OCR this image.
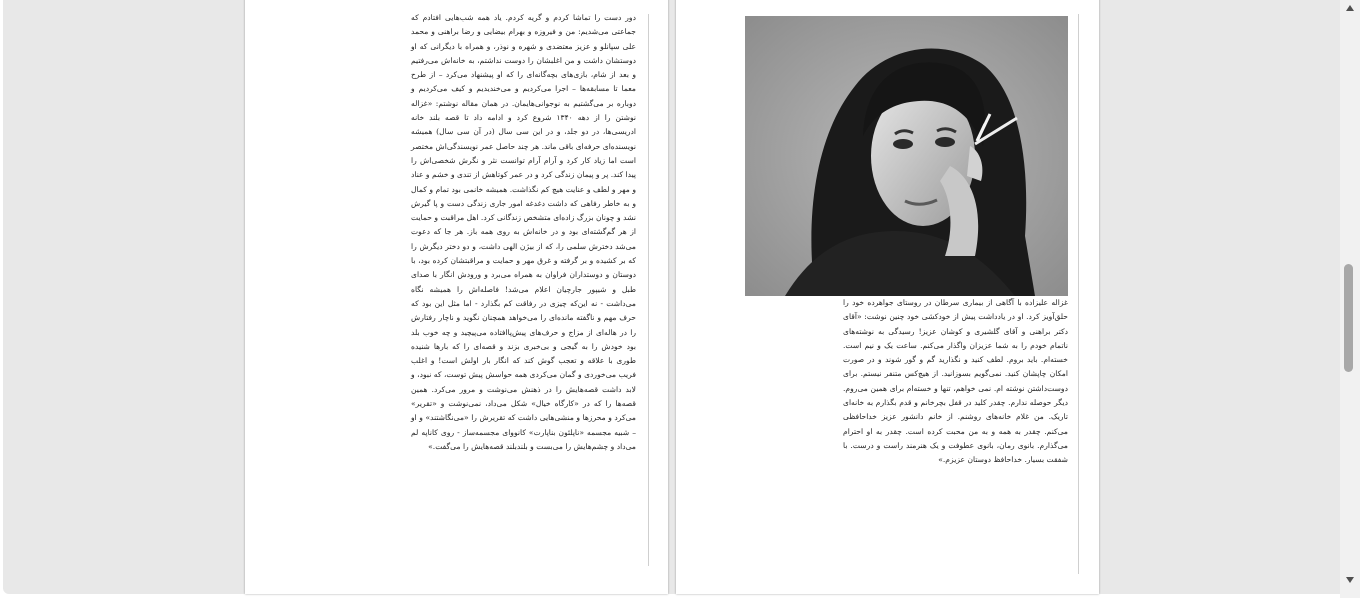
دور دست را تماشا کردم و گریه کردم. یاد همه شب‌هایی افتادم که جماعتی می‌شدیم: من و فیروزه و بهرام بیضایی و رضا براهنی و محمد علی سپانلو و عزیز معتضدی و شهره و نوذر، و همراه با دیگرانی که او دوستشان داشت و من اغلبشان را دوست نداشتم، به خانه‌اش می‌رفتیم و بعد از شام، بازی‌های بچه‌گانه‌ای را که او پیشنهاد می‌کرد – از طرح معما تا مسابقه‌ها – اجرا می‌کردیم و می‌خندیدیم و کیف می‌کردیم و دوباره بر می‌گشتیم به نوجوانی‌هایمان. در همان مقاله نوشتم: «غزاله نوشتن را از دهه ۱۳۴۰ شروع کرد و ادامه داد تا قصه بلند خانه ادریسی‌ها، در دو جلد، و در این سی سال (در آن سی سال) همیشه نویسنده‌ای حرفه‌ای باقی ماند. هر چند حاصل عمر نویسندگی‌اش مختصر است اما زیاد کار کرد و آرام آرام توانست نثر و نگرش شخصی‌اش را پیدا کند. پر و پیمان زندگی کرد و در عمر کوتاهش از تندی و خشم و عناد و مهر و لطف و عنایت هیچ کم نگذاشت. همیشه خانمی بود تمام و کمال و به خاطر رفاهی که داشت دغدغه امور جاری زندگی دست و پا گیرش نشد و چونان بزرگ زاده‌ای متشخص زندگانی کرد. اهل مراقبت و حمایت از هر گم‌گشته‌ای بود و در خانه‌اش به روی همه باز. هر جا که دعوت می‌شد دخترش سلمی را، که از بیژن الهی داشت، و دو دختر دیگرش را که بر کشیده و بر گرفته و غرق مهر و حمایت و مراقبتشان کرده بود، با دوستان و دوستداران فراوان به همراه می‌برد و ورودش انگار با صدای طبل و شیپور جارچیان اعلام می‌شد! فاصله‌اش را همیشه نگاه می‌داشت - نه این‌که چیزی در رفاقت کم بگذارد - اما مثل این بود که حرف مهم و ناگفته مانده‌ای را می‌خواهد همچنان نگوید و ناچار رفتارش را در هاله‌ای از مزاج و حرف‌های پیش‌پاافتاده می‌پیچید و چه خوب بلد بود خودش را به گیجی و بی‌خبری بزند و قصه‌ای را که بارها شنیده طوری با علاقه و تعجب گوش کند که انگار بار اولش است! و اغلب فریب می‌خوردی و گمان می‌کردی همه حواسش پیش توست، که نبود، و لابد داشت قصه‌هایش را در ذهنش می‌نوشت و مرور می‌کرد. همین قصه‌ها را که در «کارگاه خیال» شکل می‌داد، نمی‌نوشت و «تقریر» می‌کرد و محرزها و منشی‌هایی داشت که تقریرش را «می‌نگاشتند» و او – شبیه مجسمه «ناپلئون بناپارت» کانووای مجسمه‌ساز - روی کاناپه لم می‌داد و چشم‌هایش را می‌بست و بلندبلند قصه‌هایش را می‌گفت.»
غزاله علیزاده با آگاهی از بیماری سرطان در روستای جواهرده خود را حلق‌آویز کرد. او در یادداشت پیش از خودکشی خود چنین نوشت: «آقای دکتر براهنی و آقای گلشیری و کوشان عزیز! رسیدگی به نوشته‌های ناتمام خودم را به شما عزیزان واگذار می‌کنم. ساعت یک و نیم است. خسته‌ام. باید بروم. لطف کنید و نگذارید گم و گور شوند و در صورت امکان چاپشان کنید. نمی‌گویم بسوزانید. از هیچ‌کس متنفر نیستم. برای دوست‌داشتن نوشته ام. نمی خواهم، تنها و خسته‌ام برای همین می‌روم. دیگر حوصله ندارم. چقدر کلید در قفل بچرخانم و قدم بگذارم به خانه‌ای تاریک. من غلام خانه‌های روشنم. از خانم دانشور عزیز خداحافظی می‌کنم. چقدر به همه و به من محبت کرده است. چقدر به او احترام می‌گذارم. بانوی رمان، بانوی عطوفت و یک هنرمند راست و درست. با شفقت بسیار. خداحافظ دوستان عزیزم.»
